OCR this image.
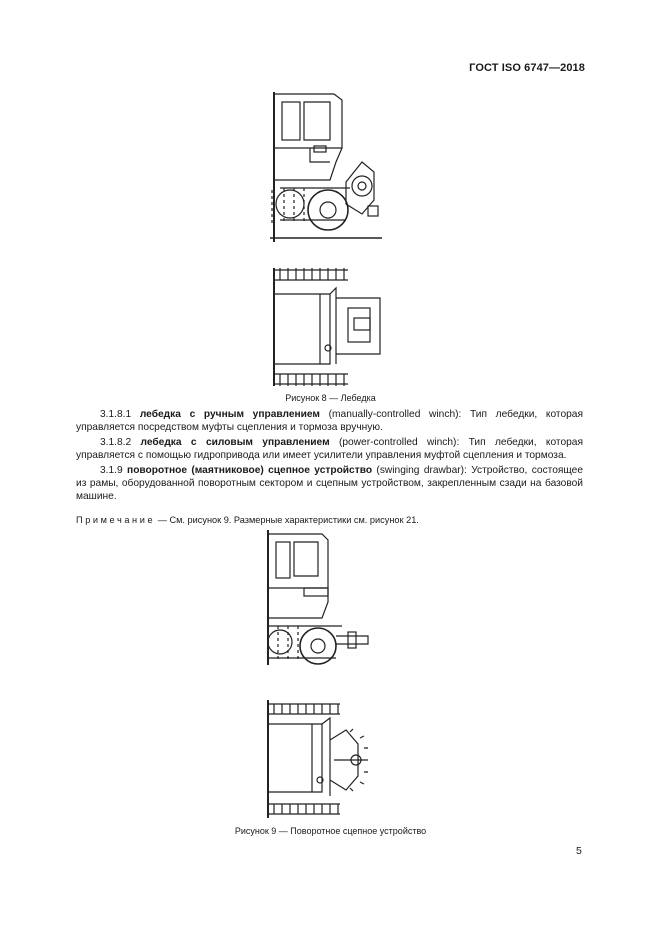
ГОСТ ISO 6747—2018
Рисунок 8 — Лебедка

3.1.8.1 лебедка с ручным управлением (manually-controlled winch): Тип лебедки, которая управляется посредством муфты сцепления и тормоза вручную.

3.1.8.2 лебедка с силовым управлением (power-controlled winch): Тип лебедки, которая управляется с помощью гидропривода или имеет усилители управления муфтой сцепления и тормоза.

3.1.9 поворотное (маятниковое) сцепное устройство (swinging drawbar): Устройство, состоящее из рамы, оборудованной поворотным сектором и сцепным устройством, закрепленным сзади на базовой машине.

Примечание — См. рисунок 9. Размерные характеристики см. рисунок 21.
Рисунок 9 — Поворотное сцепное устройство
5
